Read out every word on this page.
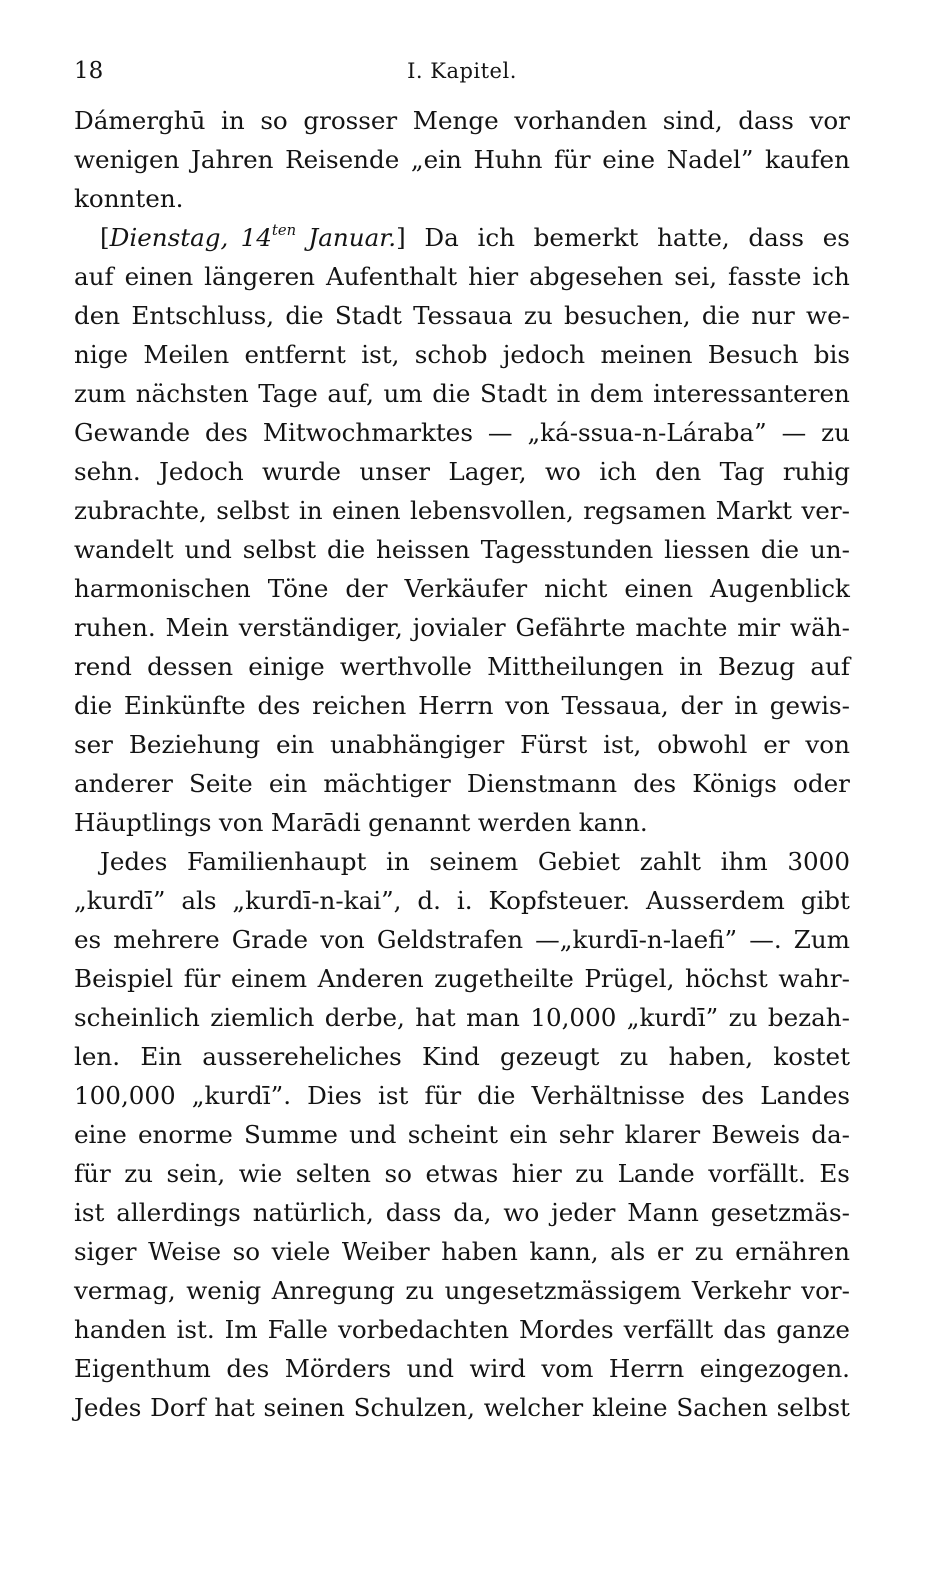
18	I. Kapitel.
Dámerghū in so grosser Menge vorhanden sind, dass vor
wenigen Jahren Reisende „ein Huhn für eine Nadel” kaufen
konnten.
[Dienstag,  $14^{ten}$  Januar.] Da ich bemerkt hatte, dass es
auf einen längeren Aufenthalt hier abgesehen sei, fasste ich
den Entschluss, die Stadt Tessaua zu besuchen, die nur we-
nige Meilen entfernt ist, schob jedoch meinen Besuch bis
zum nächsten Tage auf, um die Stadt in dem interessanteren
Gewande des Mitwochmarktes — „ká-ssua-n-Láraba” — zu
sehn. Jedoch wurde unser Lager, wo ich den Tag ruhig
zubrachte, selbst in einen lebensvollen, regsamen Markt ver-
wandelt und selbst die heissen Tagesstunden liessen die un-
harmonischen Töne der Verkäufer nicht einen Augenblick
ruhen. Mein verständiger, jovialer Gefährte machte mir wäh-
rend dessen einige werthvolle Mittheilungen in Bezug auf
die Einkünfte des reichen Herrn von Tessaua, der in gewis-
ser Beziehung ein unabhängiger Fürst ist, obwohl er von
anderer Seite ein mächtiger Dienstmann des Königs oder
Häuptlings von Marādi genannt werden kann.
Jedes Familienhaupt in seinem Gebiet zahlt ihm 3000
„kurdī” als „kurdī-n-kai”, d. i. Kopfsteuer. Ausserdem gibt
es mehrere Grade von Geldstrafen —„kurdī-n-laefi” —. Zum
Beispiel für einem Anderen zugetheilte Prügel, höchst wahr-
scheinlich ziemlich derbe, hat man 10,000 „kurdī” zu bezah-
len. Ein ausserehеliches Kind gezeugt zu haben, kostet
100,000 „kurdī”. Dies ist für die Verhältnisse des Landes
eine enorme Summe und scheint ein sehr klarer Beweis da-
für zu sein, wie selten so etwas hier zu Lande vorfällt. Es
ist allerdings natürlich, dass da, wo jeder Mann gesetzmäs-
siger Weise so viele Weiber haben kann, als er zu ernähren
vermag, wenig Anregung zu ungesetzmässigem Verkehr vor-
handen ist. Im Falle vorbedachten Mordes verfällt das ganze
Eigenthum des Mörders und wird vom Herrn eingezogen.
Jedes Dorf hat seinen Schulzen, welcher kleine Sachen selbst
